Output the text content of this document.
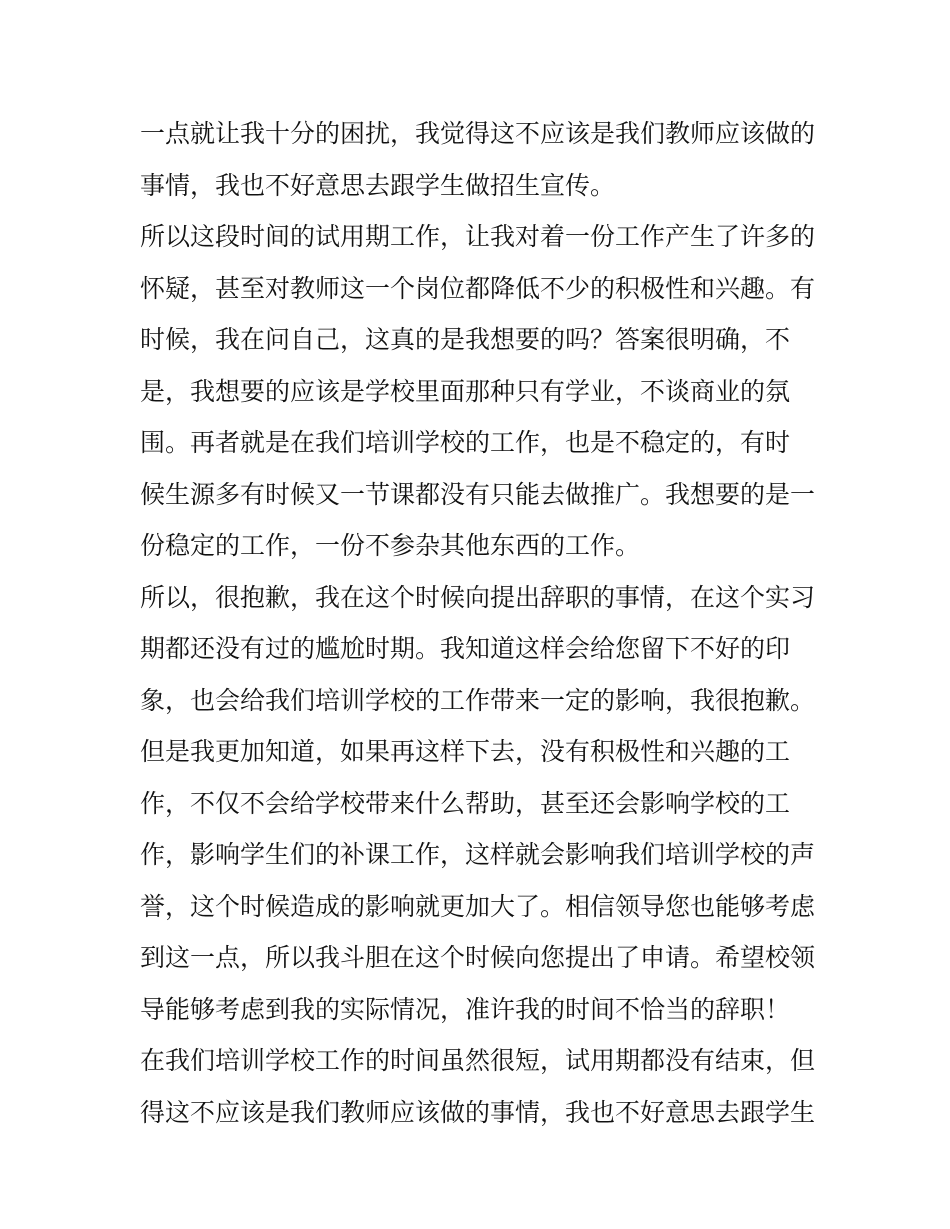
一点就让我十分的困扰，我觉得这不应该是我们教师应该做的
事情，我也不好意思去跟学生做招生宣传。
所以这段时间的试用期工作，让我对着一份工作产生了许多的
怀疑，甚至对教师这一个岗位都降低不少的积极性和兴趣。有
时候，我在问自己，这真的是我想要的吗？答案很明确，不
是，我想要的应该是学校里面那种只有学业，不谈商业的氛
围。再者就是在我们培训学校的工作，也是不稳定的，有时
候生源多有时候又一节课都没有只能去做推广。我想要的是一
份稳定的工作，一份不参杂其他东西的工作。
所以，很抱歉，我在这个时候向提出辞职的事情，在这个实习
期都还没有过的尴尬时期。我知道这样会给您留下不好的印
象，也会给我们培训学校的工作带来一定的影响，我很抱歉。
但是我更加知道，如果再这样下去，没有积极性和兴趣的工
作，不仅不会给学校带来什么帮助，甚至还会影响学校的工
作，影响学生们的补课工作，这样就会影响我们培训学校的声
誉，这个时候造成的影响就更加大了。相信领导您也能够考虑
到这一点，所以我斗胆在这个时候向您提出了申请。希望校领
导能够考虑到我的实际情况，准许我的时间不恰当的辞职！
在我们培训学校工作的时间虽然很短，试用期都没有结束，但
得这不应该是我们教师应该做的事情，我也不好意思去跟学生
